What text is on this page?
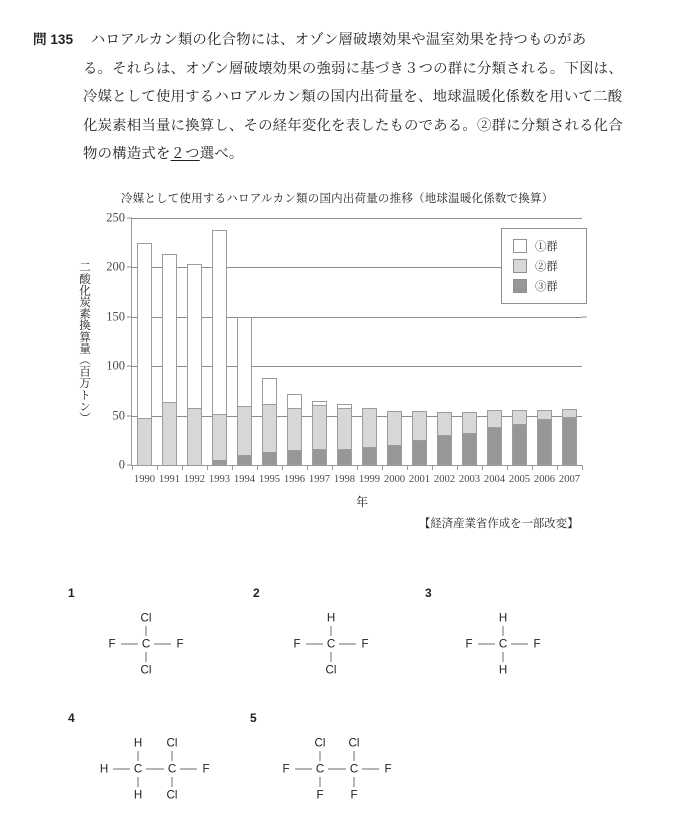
問 135 ハロアルカン類の化合物には、オゾン層破壊効果や温室効果を持つものがあ
る。それらは、オゾン層破壊効果の強弱に基づき３つの群に分類される。下図は、
冷媒として使用するハロアルカン類の国内出荷量を、地球温暖化係数を用いて二酸
化炭素相当量に換算し、その経年変化を表したものである。②群に分類される化合
物の構造式を２つ選べ。
冷媒として使用するハロアルカン類の国内出荷量の推移（地球温暖化係数で換算）
二酸化炭素換算量（百万トン）
0
50
100
150
200
250
1990 1991 1992 1993 1994 1995 1996 1997 1998 1999 2000 2001 2002 2003 2004 2005 2006 2007
①群
②群
③群
年
【経済産業省作成を一部改変】
1
C
Cl
Cl
F	F
2
C
H
Cl
F	F
3
C
H
H
F	F
4
C C
H
H
H
Cl
Cl
F
5
C C
Cl
F
F
Cl
F
F
